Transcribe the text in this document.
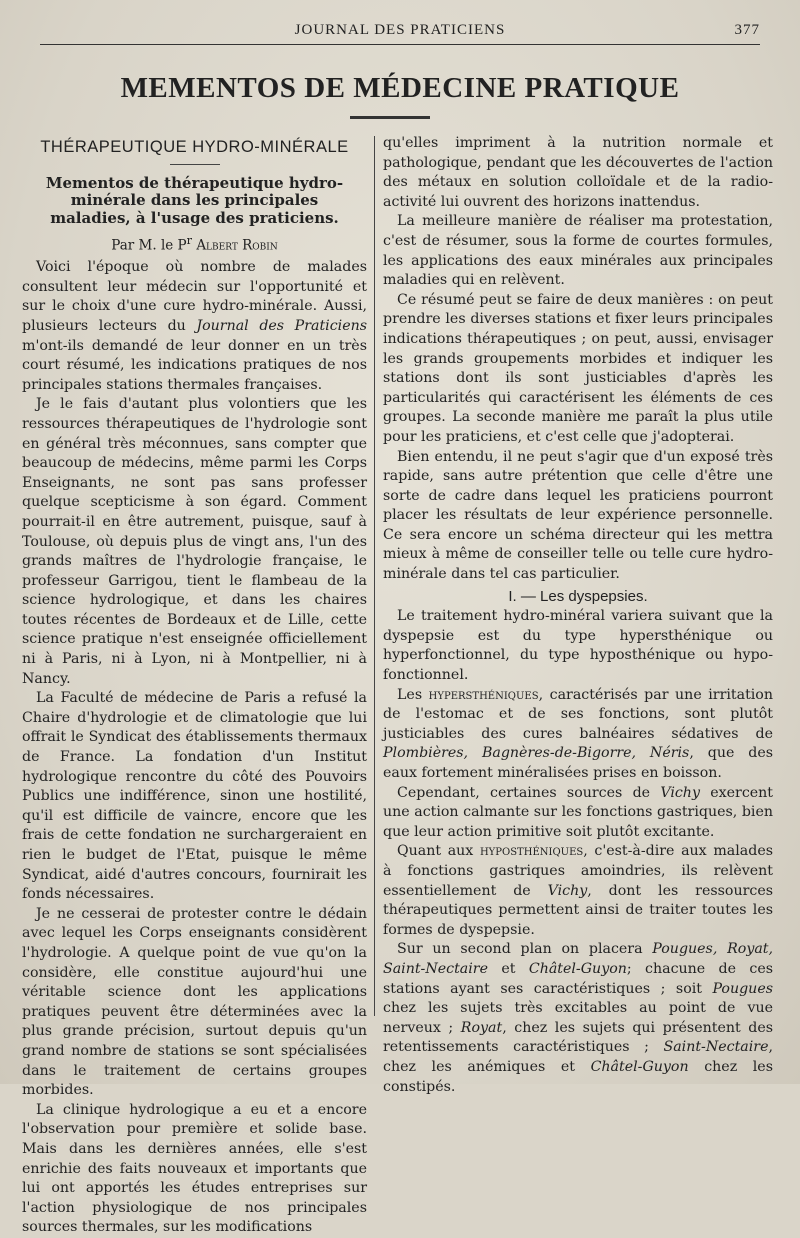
JOURNAL DES PRATICIENS	377
MEMENTOS DE MÉDECINE PRATIQUE
THÉRAPEUTIQUE HYDRO-MINÉRALE
Mementos de thérapeutique hydro-minérale dans les principales maladies, à l'usage des praticiens.
Par M. le $P^r$ Albert Robin

Voici l'époque où nombre de malades consultent leur médecin sur l'opportunité et sur le choix d'une cure hydro-minérale. Aussi, plusieurs lecteurs du Journal des Praticiens m'ont-ils demandé de leur donner en un très court résumé, les indications pratiques de nos principales stations thermales françaises.

Je le fais d'autant plus volontiers que les ressources thérapeutiques de l'hydrologie sont en général très méconnues, sans compter que beaucoup de médecins, même parmi les Corps Enseignants, ne sont pas sans professer quelque scepticisme à son égard. Comment pourrait-il en être autrement, puisque, sauf à Toulouse, où depuis plus de vingt ans, l'un des grands maîtres de l'hydrologie française, le professeur Garrigou, tient le flambeau de la science hydrologique, et dans les chaires toutes récentes de Bordeaux et de Lille, cette science pratique n'est enseignée officiellement ni à Paris, ni à Lyon, ni à Montpellier, ni à Nancy.

La Faculté de médecine de Paris a refusé la Chaire d'hydrologie et de climatologie que lui offrait le Syndicat des établissements thermaux de France. La fondation d'un Institut hydrologique rencontre du côté des Pouvoirs Publics une indifférence, sinon une hostilité, qu'il est difficile de vaincre, encore que les frais de cette fondation ne surchargeraient en rien le budget de l'Etat, puisque le même Syndicat, aidé d'autres concours, fournirait les fonds nécessaires.

Je ne cesserai de protester contre le dédain avec lequel les Corps enseignants considèrent l'hydrologie. A quelque point de vue qu'on la considère, elle constitue aujourd'hui une véritable science dont les applications pratiques peuvent être déterminées avec la plus grande précision, surtout depuis qu'un grand nombre de stations se sont spécialisées dans le traitement de certains groupes morbides.

La clinique hydrologique a eu et a encore l'observation pour première et solide base. Mais dans les dernières années, elle s'est enrichie des faits nouveaux et importants que lui ont apportés les études entreprises sur l'action physiologique de nos principales sources thermales, sur les modifications

qu'elles impriment à la nutrition normale et pathologique, pendant que les découvertes de l'action des métaux en solution colloïdale et de la radio-activité lui ouvrent des horizons inattendus.

La meilleure manière de réaliser ma protestation, c'est de résumer, sous la forme de courtes formules, les applications des eaux minérales aux principales maladies qui en relèvent.

Ce résumé peut se faire de deux manières : on peut prendre les diverses stations et fixer leurs principales indications thérapeutiques ; on peut, aussi, envisager les grands groupements morbides et indiquer les stations dont ils sont justiciables d'après les particularités qui caractérisent les éléments de ces groupes. La seconde manière me paraît la plus utile pour les praticiens, et c'est celle que j'adopterai.

Bien entendu, il ne peut s'agir que d'un exposé très rapide, sans autre prétention que celle d'être une sorte de cadre dans lequel les praticiens pourront placer les résultats de leur expérience personnelle. Ce sera encore un schéma directeur qui les mettra mieux à même de conseiller telle ou telle cure hydro-minérale dans tel cas particulier.

I. — Les dyspepsies.

Le traitement hydro-minéral variera suivant que la dyspepsie est du type hypersthénique ou hyperfonctionnel, du type hyposthénique ou hypo-fonctionnel.

Les hypersthéniques, caractérisés par une irritation de l'estomac et de ses fonctions, sont plutôt justiciables des cures balnéaires sédatives de Plombières, Bagnères-de-Bigorre, Néris, que des eaux fortement minéralisées prises en boisson.

Cependant, certaines sources de Vichy exercent une action calmante sur les fonctions gastriques, bien que leur action primitive soit plutôt excitante.

Quant aux hyposthéniques, c'est-à-dire aux malades à fonctions gastriques amoindries, ils relèvent essentiellement de Vichy, dont les ressources thérapeutiques permettent ainsi de traiter toutes les formes de dyspepsie.

Sur un second plan on placera Pougues, Royat, Saint-Nectaire et Châtel-Guyon; chacune de ces stations ayant ses caractéristiques ; soit Pougues chez les sujets très excitables au point de vue nerveux ; Royat, chez les sujets qui présentent des retentissements caractéristiques ; Saint-Nectaire, chez les anémiques et Châtel-Guyon chez les constipés.
